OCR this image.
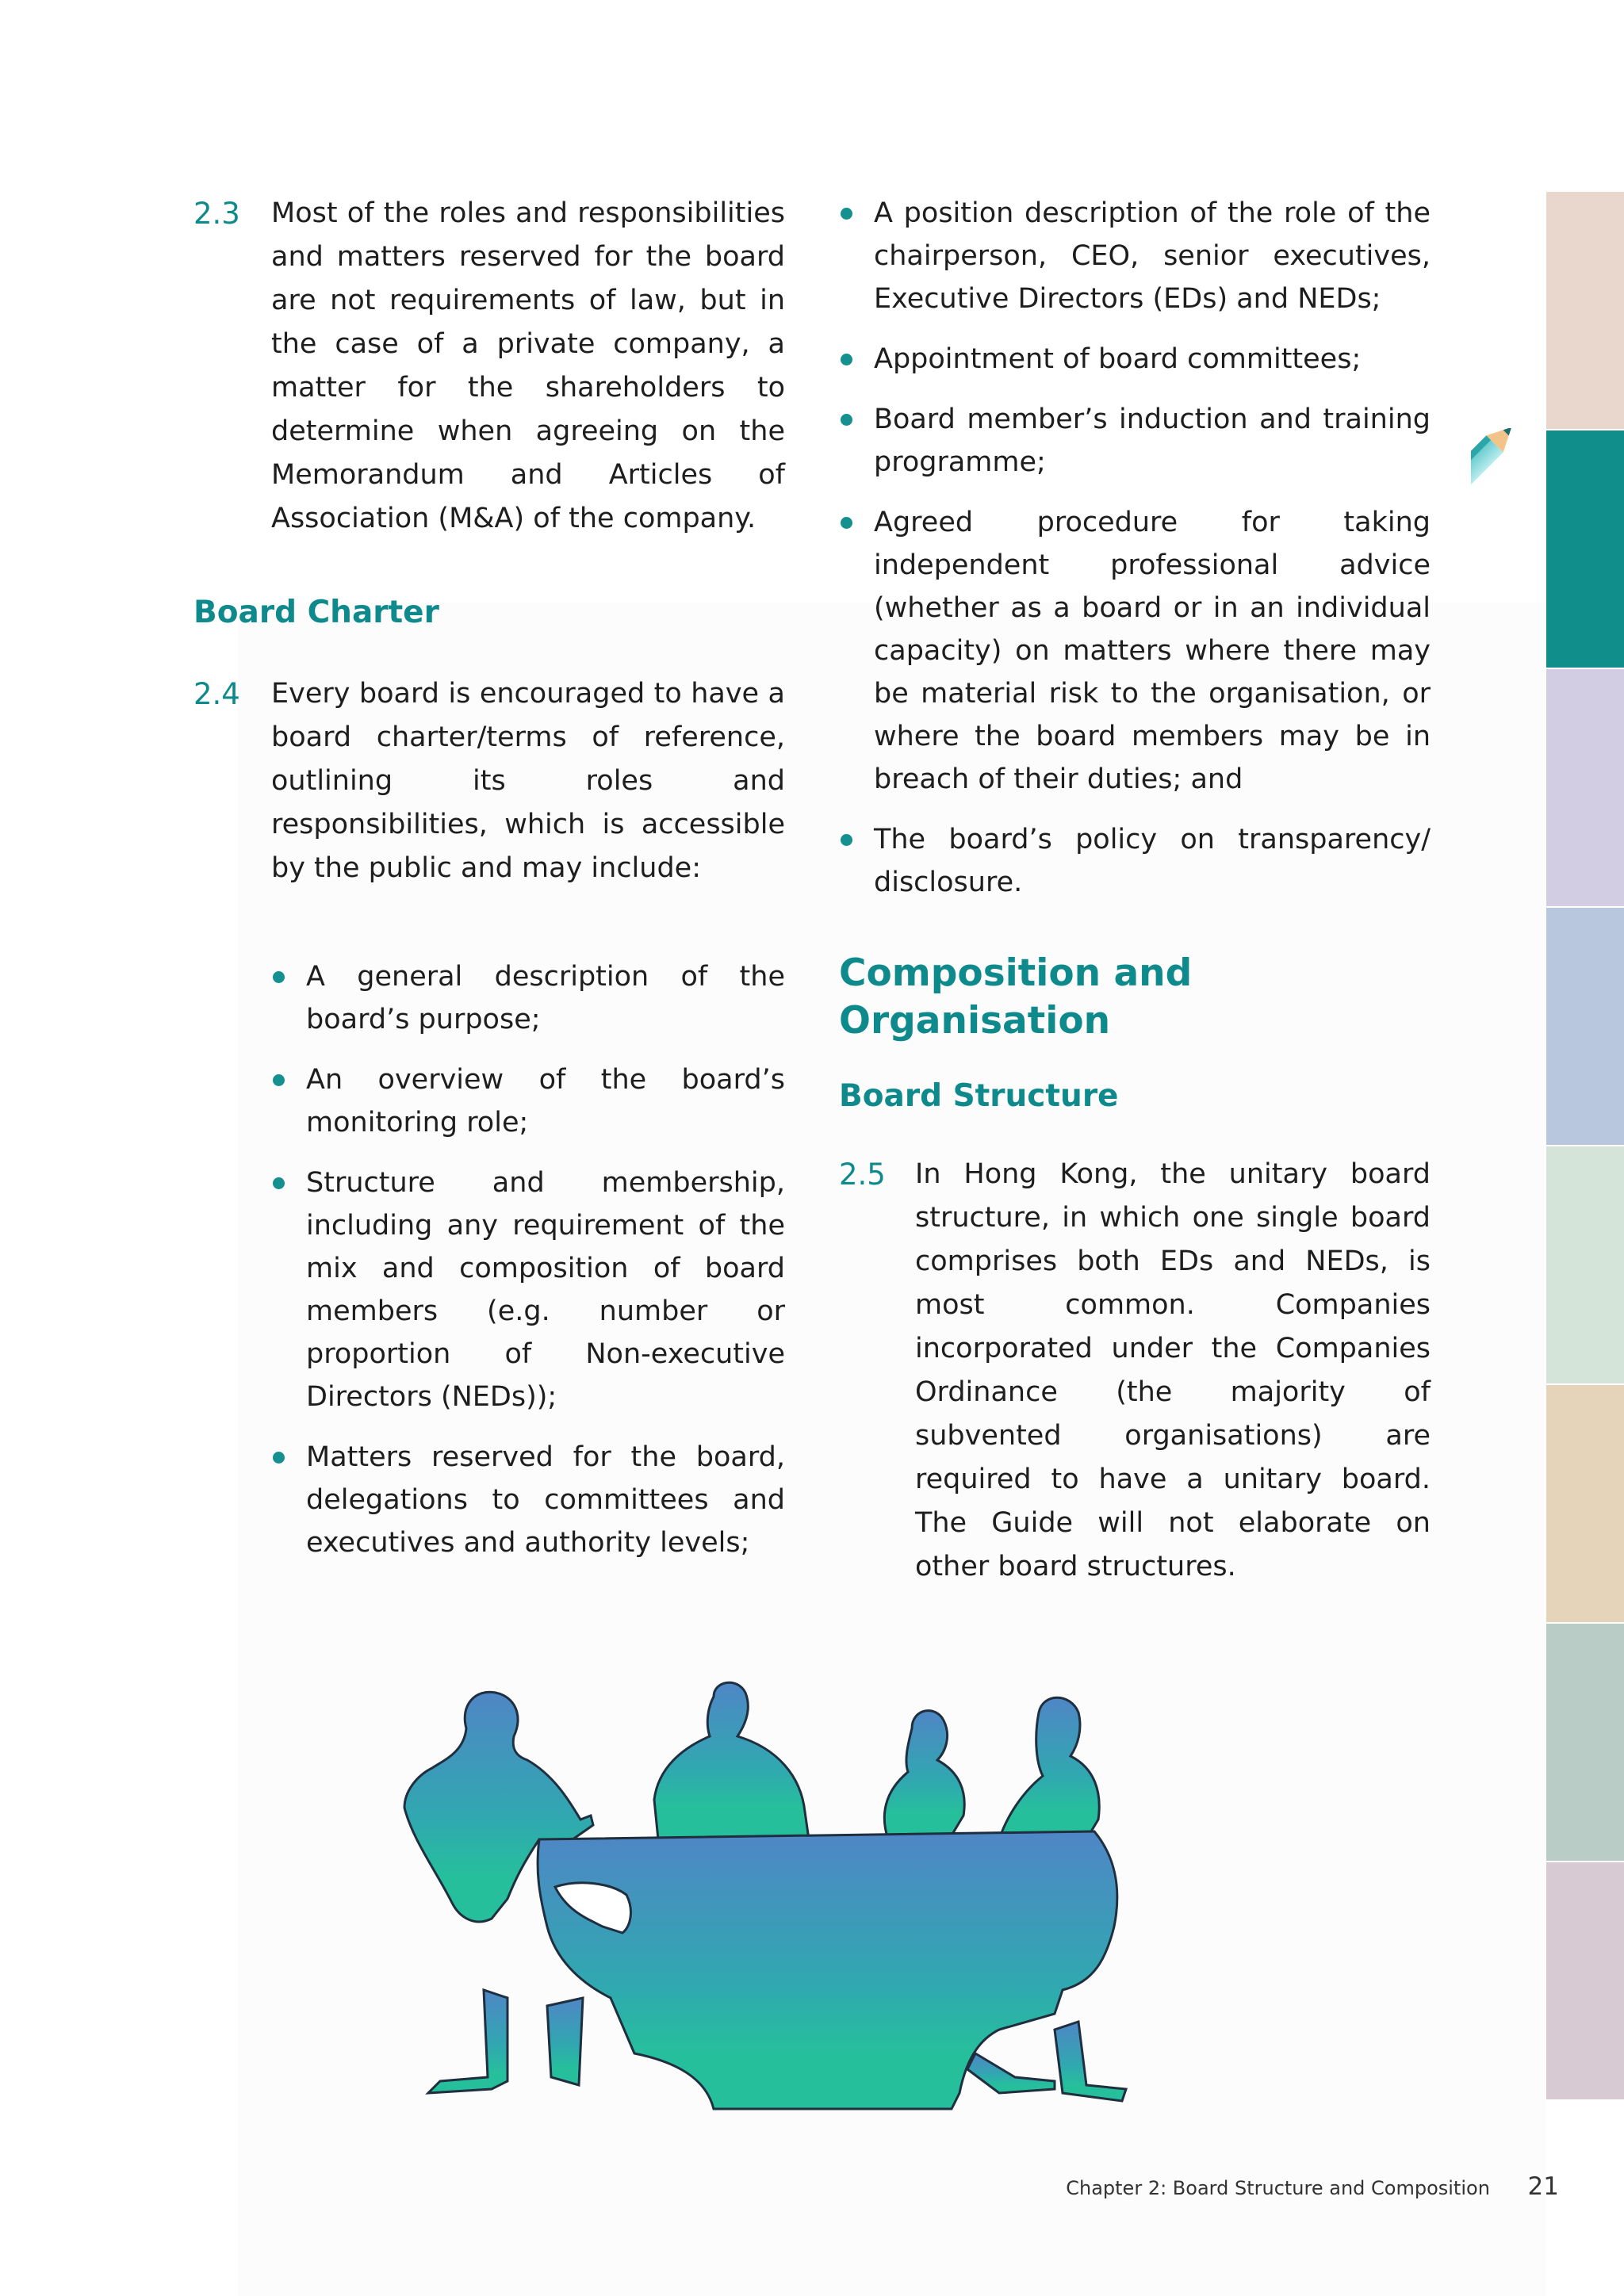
2.3 Most of the roles and responsibilities and matters reserved for the board are not requirements of law, but in the case of a private company, a matter for the shareholders to determine when agreeing on the Memorandum and Articles of Association (M&A) of the company.
Board Charter
2.4 Every board is encouraged to have a board charter/terms of reference, outlining its roles and responsibilities, which is accessible by the public and may include:
A general description of the board’s purpose;
An overview of the board’s monitoring role;
Structure and membership, including any requirement of the mix and composition of board members (e.g. number or proportion of Non-executive Directors (NEDs));
Matters reserved for the board, delegations to committees and executives and authority levels;
A position description of the role of the chairperson, CEO, senior executives, Executive Directors (EDs) and NEDs;
Appointment of board committees;
Board member’s induction and training programme;
Agreed procedure for taking independent professional advice (whether as a board or in an individual capacity) on matters where there may be material risk to the organisation, or where the board members may be in breach of their duties; and
The board’s policy on transparency/ disclosure.
Composition and Organisation
Board Structure
2.5 In Hong Kong, the unitary board structure, in which one single board comprises both EDs and NEDs, is most common. Companies incorporated under the Companies Ordinance (the majority of subvented organisations) are required to have a unitary board. The Guide will not elaborate on other board structures.
Chapter 2: Board Structure and Composition 21
